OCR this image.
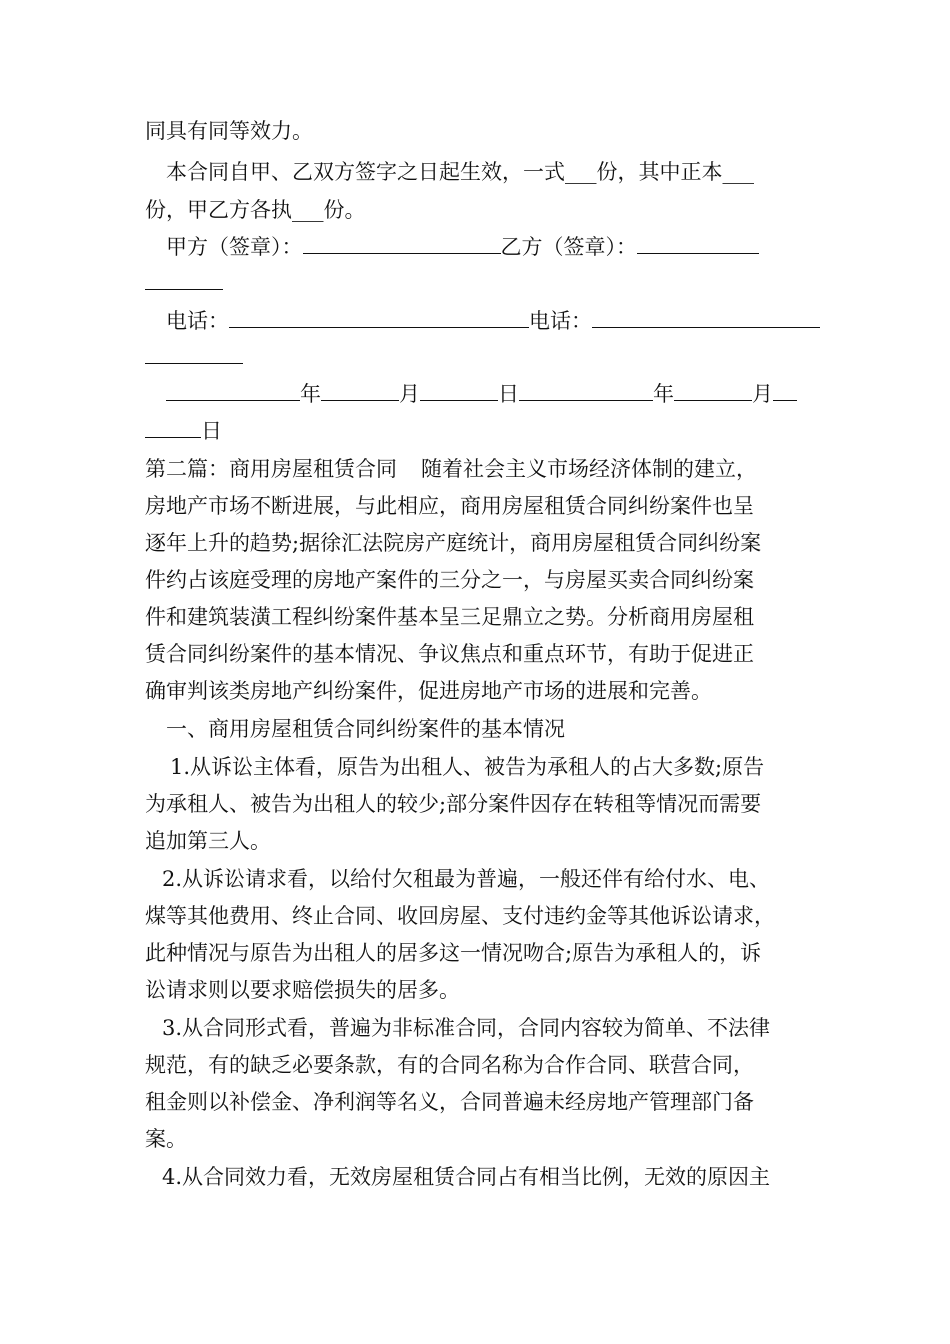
同具有同等效力。
本合同自甲、乙双方签字之日起生效，一式___份，其中正本___
份，甲乙方各执___份。
甲方（签章）：	乙方（签章）：
电话：	电话：
年	月	日	年	月
日
第二篇：商用房屋租赁合同 随着社会主义市场经济体制的建立，
房地产市场不断进展，与此相应，商用房屋租赁合同纠纷案件也呈
逐年上升的趋势;据徐汇法院房产庭统计，商用房屋租赁合同纠纷案
件约占该庭受理的房地产案件的三分之一，与房屋买卖合同纠纷案
件和建筑装潢工程纠纷案件基本呈三足鼎立之势。分析商用房屋租
赁合同纠纷案件的基本情况、争议焦点和重点环节，有助于促进正
确审判该类房地产纠纷案件，促进房地产市场的进展和完善。
一、商用房屋租赁合同纠纷案件的基本情况
1.从诉讼主体看，原告为出租人、被告为承租人的占大多数;原告
为承租人、被告为出租人的较少;部分案件因存在转租等情况而需要
追加第三人。
2.从诉讼请求看，以给付欠租最为普遍，一般还伴有给付水、电、
煤等其他费用、终止合同、收回房屋、支付违约金等其他诉讼请求，
此种情况与原告为出租人的居多这一情况吻合;原告为承租人的，诉
讼请求则以要求赔偿损失的居多。
3.从合同形式看，普遍为非标准合同，合同内容较为简单、不法律
规范，有的缺乏必要条款，有的合同名称为合作合同、联营合同，
租金则以补偿金、净利润等名义，合同普遍未经房地产管理部门备
案。
4.从合同效力看，无效房屋租赁合同占有相当比例，无效的原因主
